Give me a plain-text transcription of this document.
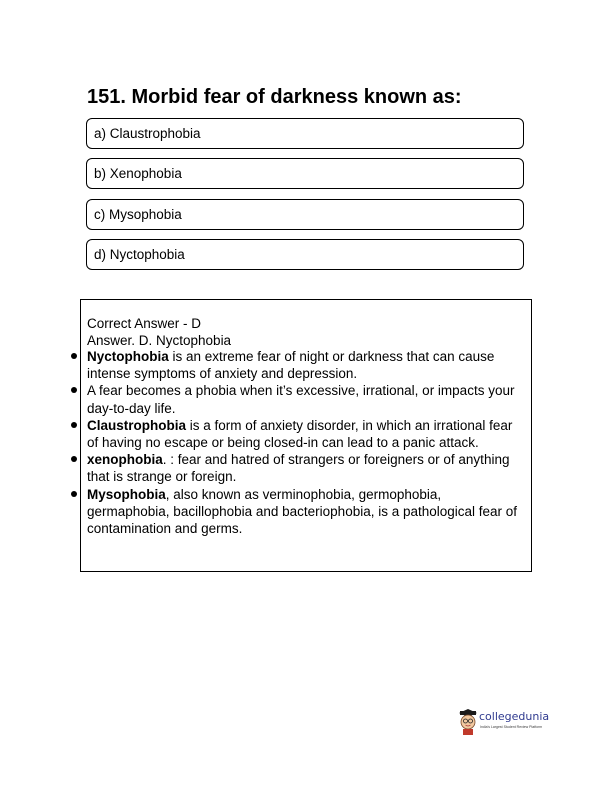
151. Morbid fear of darkness known as:
a) Claustrophobia
b) Xenophobia
c) Mysophobia
d) Nyctophobia
Correct Answer - D
Answer. D. Nyctophobia
Nyctophobia is an extreme fear of night or darkness that can cause intense symptoms of anxiety and depression.
A fear becomes a phobia when it’s excessive, irrational, or impacts your day-to-day life.
Claustrophobia is a form of anxiety disorder, in which an irrational fear of having no escape or being closed-in can lead to a panic attack.
xenophobia. : fear and hatred of strangers or foreigners or of anything that is strange or foreign.
Mysophobia, also known as verminophobia, germophobia, germaphobia, bacillophobia and bacteriophobia, is a pathological fear of contamination and germs.
collegedunia
India's Largest Student Review Platform
